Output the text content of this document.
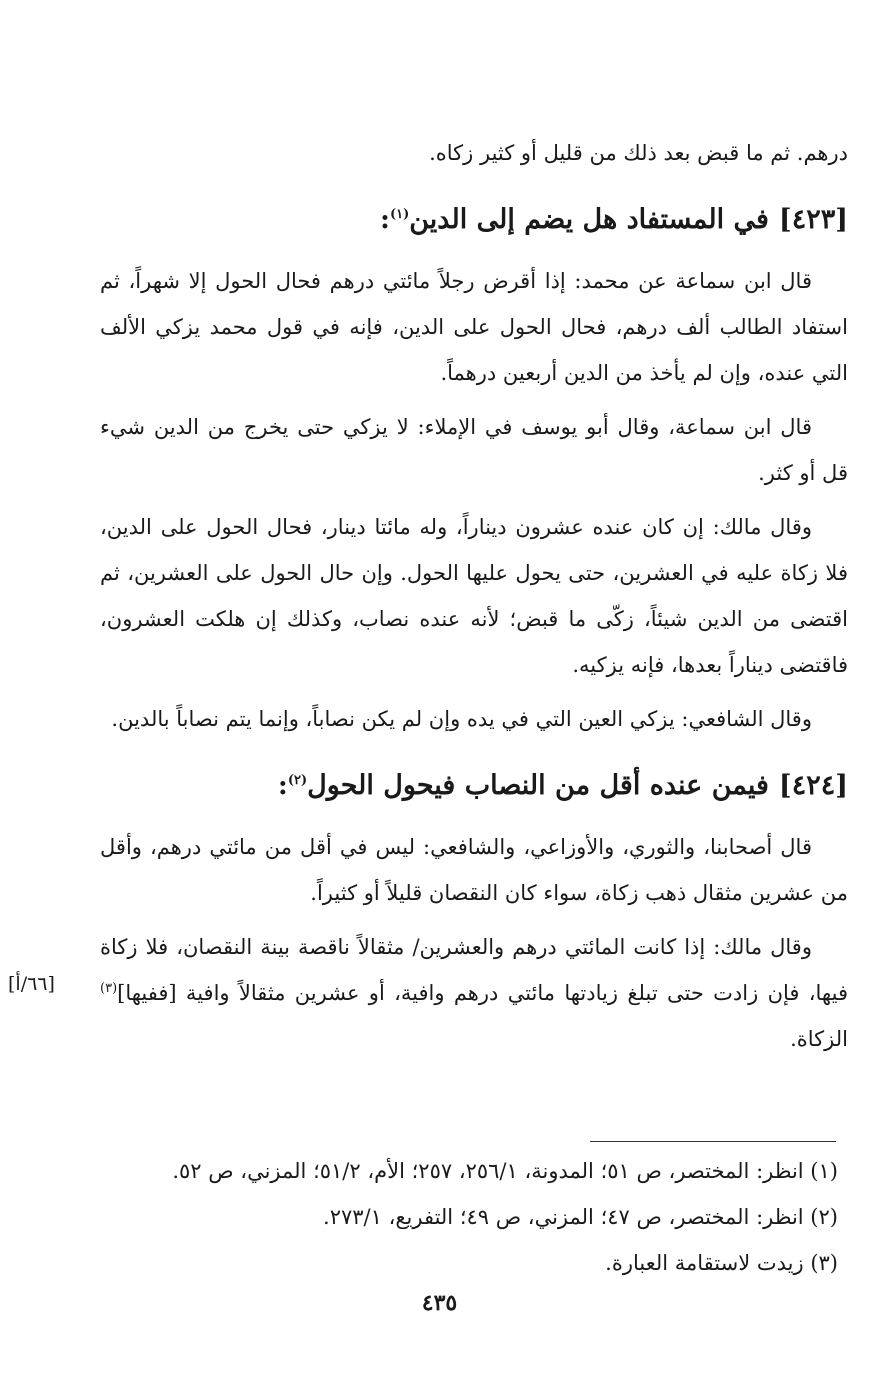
درهم. ثم ما قبض بعد ذلك من قليل أو كثير زكاه.

[٤٢٣]في المستفاد هل يضم إلى الدين$^{(١)}$:

قال ابن سماعة عن محمد: إذا أقرض رجلاً مائتي درهم فحال الحول إلا شهراً، ثم استفاد الطالب ألف درهم، فحال الحول على الدين، فإنه في قول محمد يزكي الألف التي عنده، وإن لم يأخذ من الدين أربعين درهماً.

قال ابن سماعة، وقال أبو يوسف في الإملاء: لا يزكي حتى يخرج من الدين شيء قل أو كثر.

وقال مالك: إن كان عنده عشرون ديناراً، وله مائتا دينار، فحال الحول على الدين، فلا زكاة عليه في العشرين، حتى يحول عليها الحول. وإن حال الحول على العشرين، ثم اقتضى من الدين شيئاً، زكّى ما قبض؛ لأنه عنده نصاب، وكذلك إن هلكت العشرون، فاقتضى ديناراً بعدها، فإنه يزكيه.

وقال الشافعي: يزكي العين التي في يده وإن لم يكن نصاباً، وإنما يتم نصاباً بالدين.

[٤٢٤]فيمن عنده أقل من النصاب فيحول الحول$^{(٢)}$:

قال أصحابنا، والثوري، والأوزاعي، والشافعي: ليس في أقل من مائتي درهم، وأقل من عشرين مثقال ذهب زكاة، سواء كان النقصان قليلاً أو كثيراً.

وقال مالك: إذا كانت المائتي درهم والعشرين/ مثقالاً ناقصة بينة النقصان، فلا زكاة فيها، فإن زادت حتى تبلغ زيادتها مائتي درهم وافية، أو عشرين مثقالاً وافية [ففيها]$^{(٣)}$ الزكاة.

[٦٦/أ]

(١) انظر: المختصر، ص ٥١؛ المدونة، ٢٥٦/١، ٢٥٧؛ الأم، ٥١/٢؛ المزني، ص ٥٢.

(٢) انظر: المختصر، ص ٤٧؛ المزني، ص ٤٩؛ التفريع، ٢٧٣/١.

(٣) زيدت لاستقامة العبارة.

٤٣٥
